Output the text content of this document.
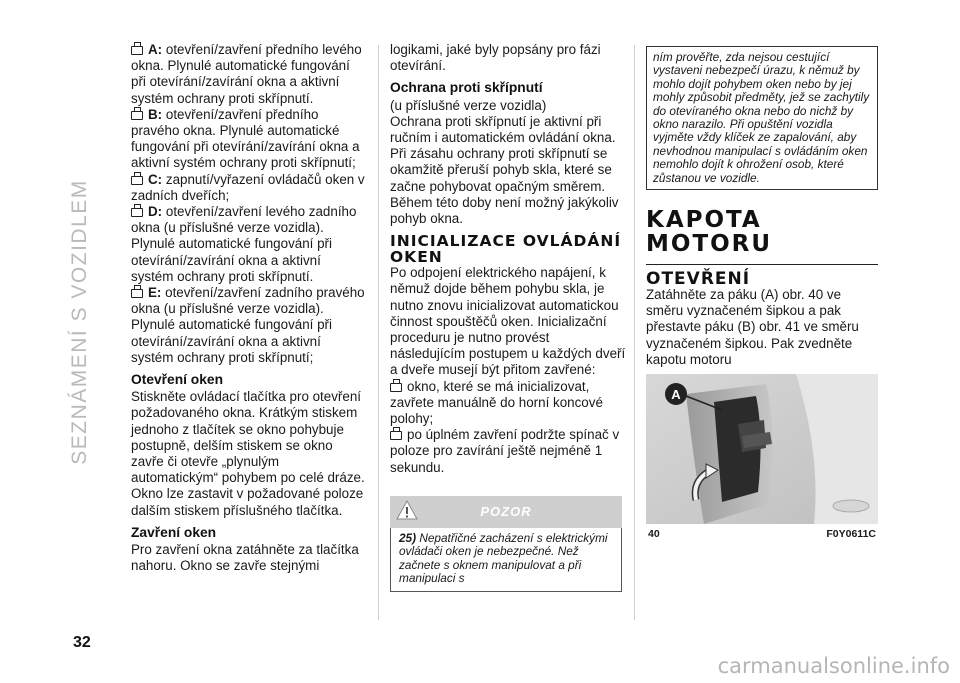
SEZNÁMENÍ S VOZIDLEM

A: otevření/zavření předního levého okna. Plynulé automatické fungování při otevírání/zavírání okna a aktivní systém ochrany proti skřípnutí.

B: otevření/zavření předního pravého okna. Plynulé automatické fungování při otevírání/zavírání okna a aktivní systém ochrany proti skřípnutí;

C: zapnutí/vyřazení ovládačů oken v zadních dveřích;

D: otevření/zavření levého zadního okna (u příslušné verze vozidla). Plynulé automatické fungování při otevírání/zavírání okna a aktivní systém ochrany proti skřípnutí.

E: otevření/zavření zadního pravého okna (u příslušné verze vozidla). Plynulé automatické fungování při otevírání/zavírání okna a aktivní systém ochrany proti skřípnutí;

Otevření oken

Stiskněte ovládací tlačítka pro otevření požadovaného okna. Krátkým stiskem jednoho z tlačítek se okno pohybuje postupně, delším stiskem se okno zavře či otevře „plynulým automatickým“ pohybem po celé dráze. Okno lze zastavit v požadované poloze dalším stiskem příslušného tlačítka.

Zavření oken

Pro zavření okna zatáhněte za tlačítka nahoru. Okno se zavře stejnými

logikami, jaké byly popsány pro fázi otevírání.

Ochrana proti skřípnutí

(u příslušné verze vozidla)

Ochrana proti skřípnutí je aktivní při ručním i automatickém ovládání okna. Při zásahu ochrany proti skřípnutí se okamžitě přeruší pohyb skla, které se začne pohybovat opačným směrem. Během této doby není možný jakýkoliv pohyb okna.

INICIALIZACE OVLÁDÁNÍ OKEN

Po odpojení elektrického napájení, k němuž dojde během pohybu skla, je nutno znovu inicializovat automatickou činnost spouštěčů oken. Inicializační proceduru je nutno provést následujícím postupem u každých dveří a dveře musejí být přitom zavřené:

okno, které se má inicializovat, zavřete manuálně do horní koncové polohy;

po úplném zavření podržte spínač v poloze pro zavírání ještě nejméně 1 sekundu.

POZOR
25) Nepatřičné zacházení s elektrickými ovládači oken je nebezpečné. Než začnete s oknem manipulovat a při manipulaci s
ním prověřte, zda nejsou cestující vystaveni nebezpečí úrazu, k němuž by mohlo dojít pohybem oken nebo by jej mohly způsobit předměty, jež se zachytily do otevíraného okna nebo do nichž by okno narazilo. Při opuštění vozidla vyjměte vždy klíček ze zapalování, aby nevhodnou manipulací s ovládáním oken nemohlo dojít k ohrožení osob, které zůstanou ve vozidle.
KAPOTA MOTORU
OTEVŘENÍ

Zatáhněte za páku (A) obr. 40 ve směru vyznačeném šipkou a pak přestavte páku (B) obr. 41 ve směru vyznačeném šipkou. Pak zvedněte kapotu motoru

A
40	F0Y0611C
32
carmanualsonline.info
